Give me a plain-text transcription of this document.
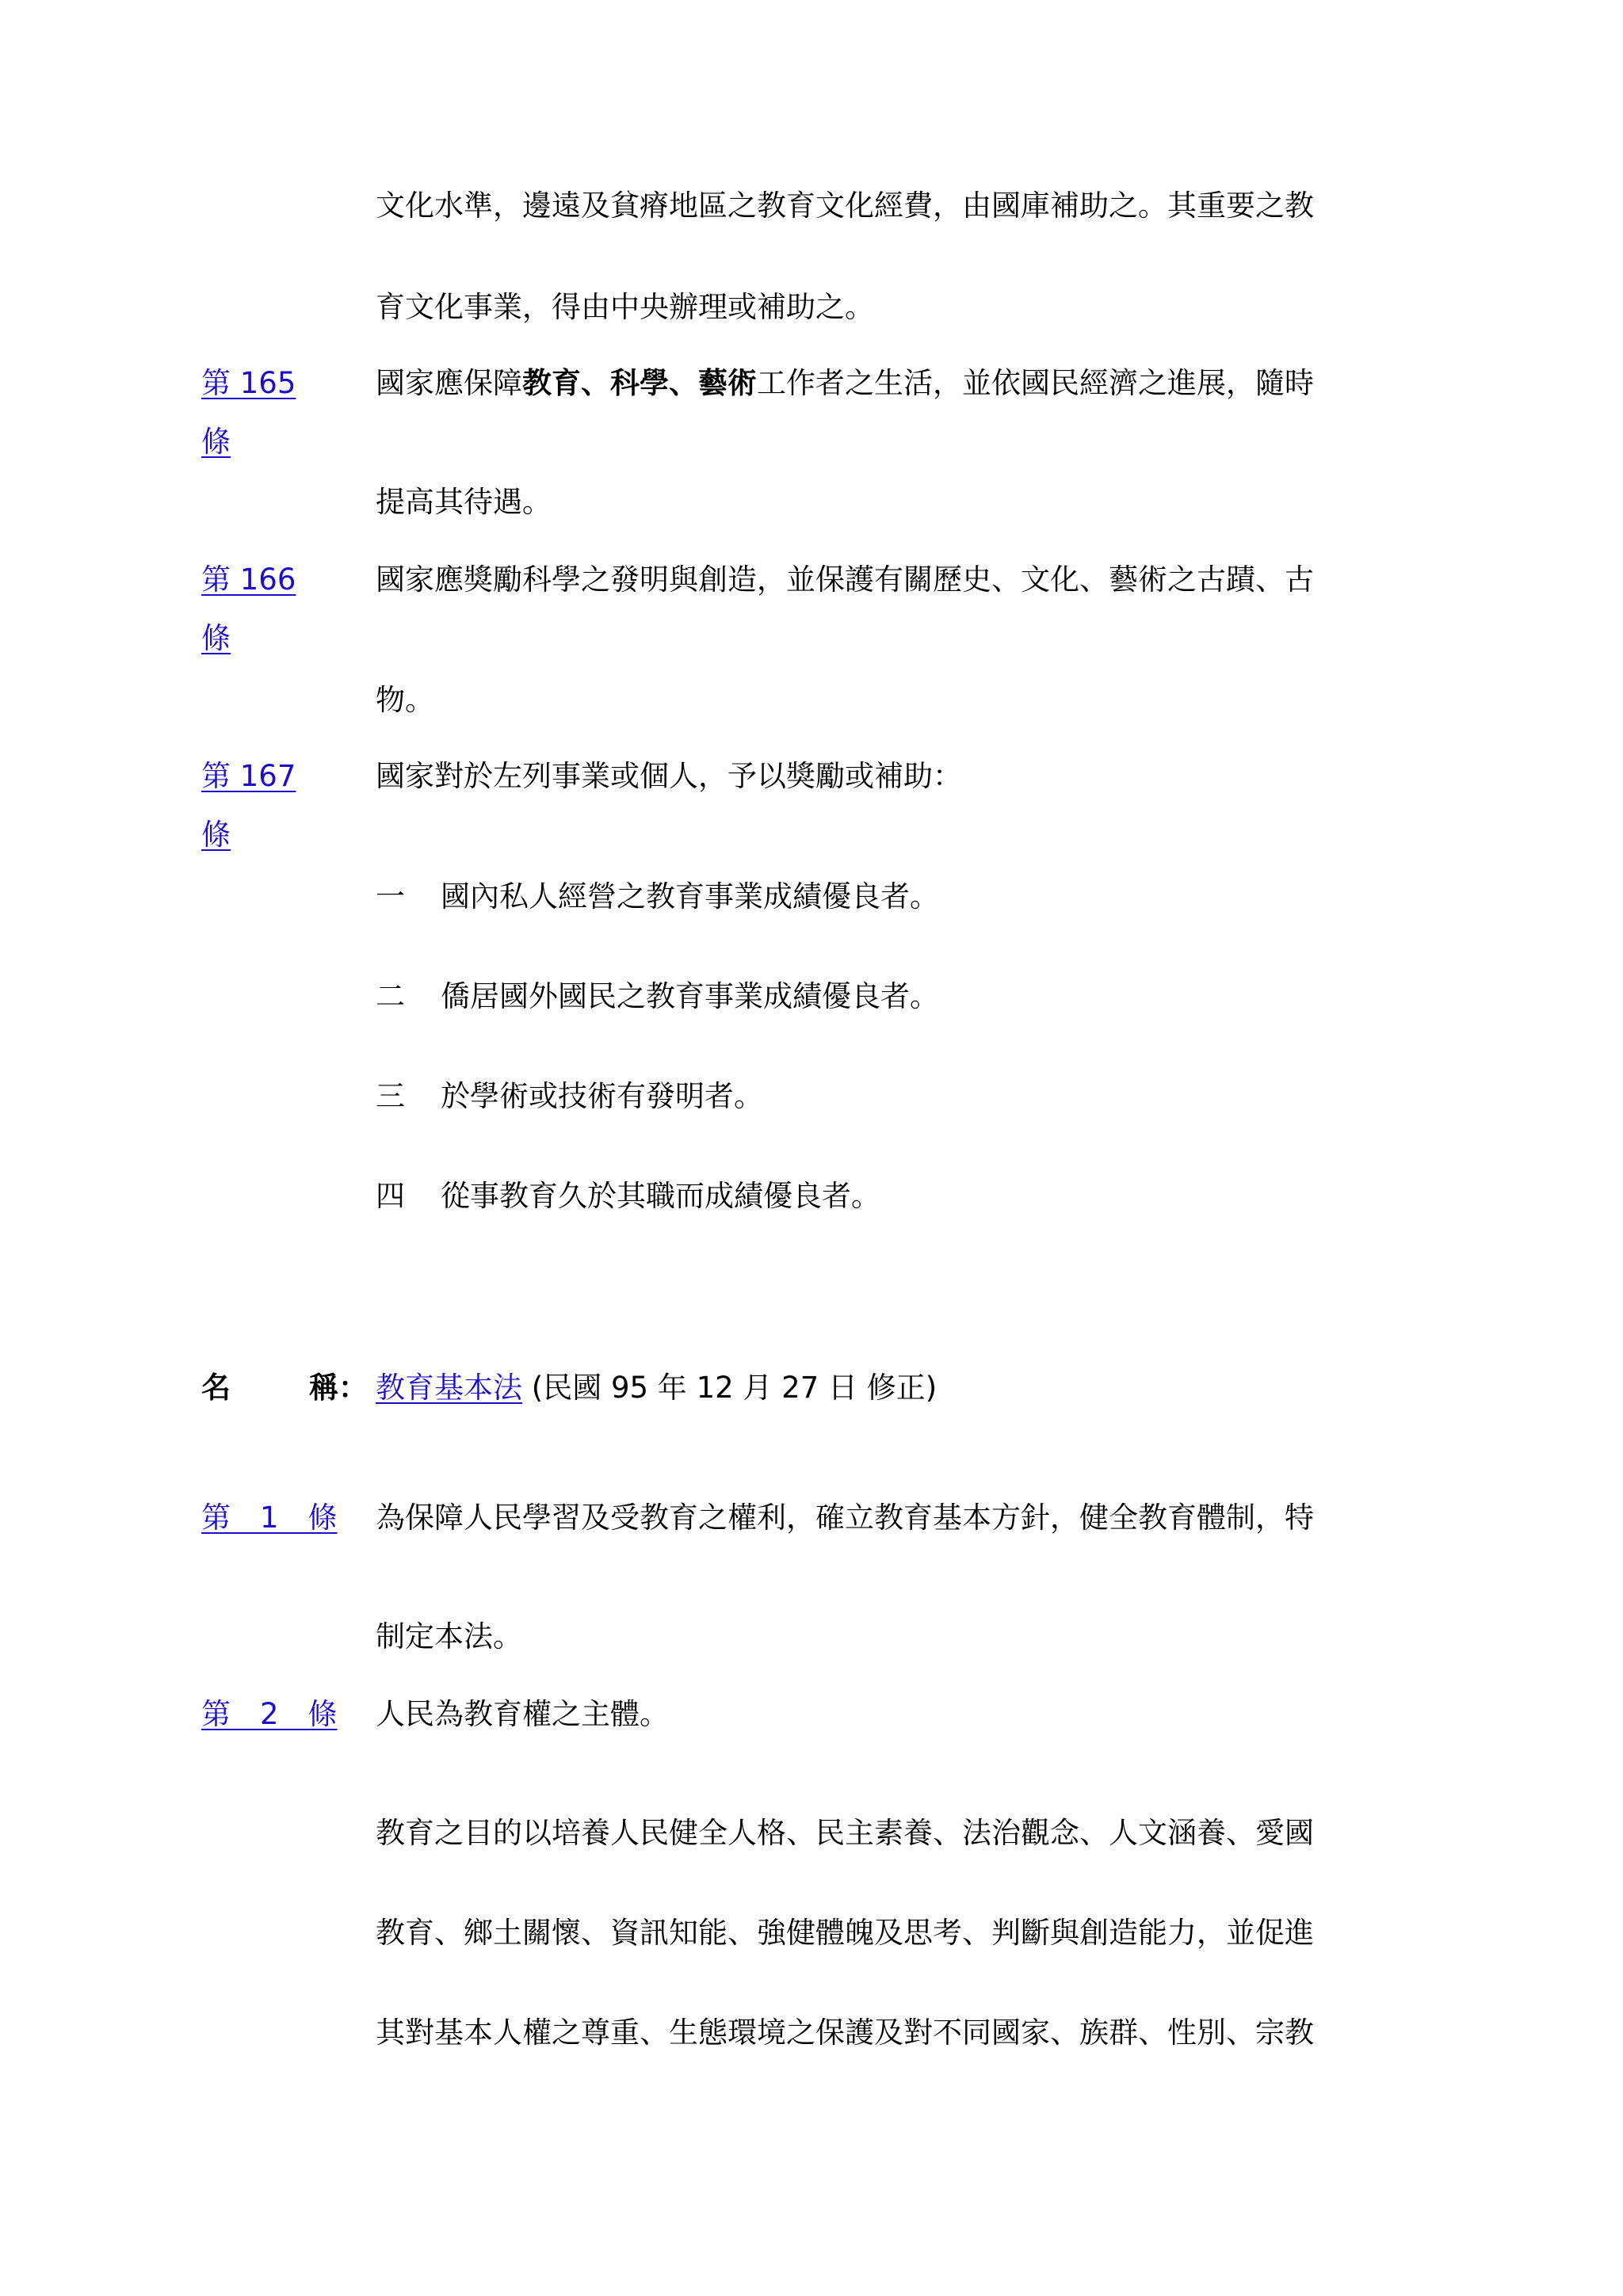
文化水準，邊遠及貧瘠地區之教育文化經費，由國庫補助之。其重要之教
育文化事業，得由中央辦理或補助之。
第 165
條
國家應保障教育、科學、藝術工作者之生活，並依國民經濟之進展，隨時
提高其待遇。
第 166
條
國家應獎勵科學之發明與創造，並保護有關歷史、文化、藝術之古蹟、古
物。
第 167
條
國家對於左列事業或個人，予以獎勵或補助：
一 國內私人經營之教育事業成績優良者。
二 僑居國外國民之教育事業成績優良者。
三 於學術或技術有發明者。
四 從事教育久於其職而成績優良者。
名	稱： 教育基本法 (民國 95 年 12 月 27 日 修正)
第　1　條 為保障人民學習及受教育之權利，確立教育基本方針，健全教育體制，特
制定本法。
第　2　條 人民為教育權之主體。
教育之目的以培養人民健全人格、民主素養、法治觀念、人文涵養、愛國
教育、鄉土關懷、資訊知能、強健體魄及思考、判斷與創造能力，並促進
其對基本人權之尊重、生態環境之保護及對不同國家、族群、性別、宗教
